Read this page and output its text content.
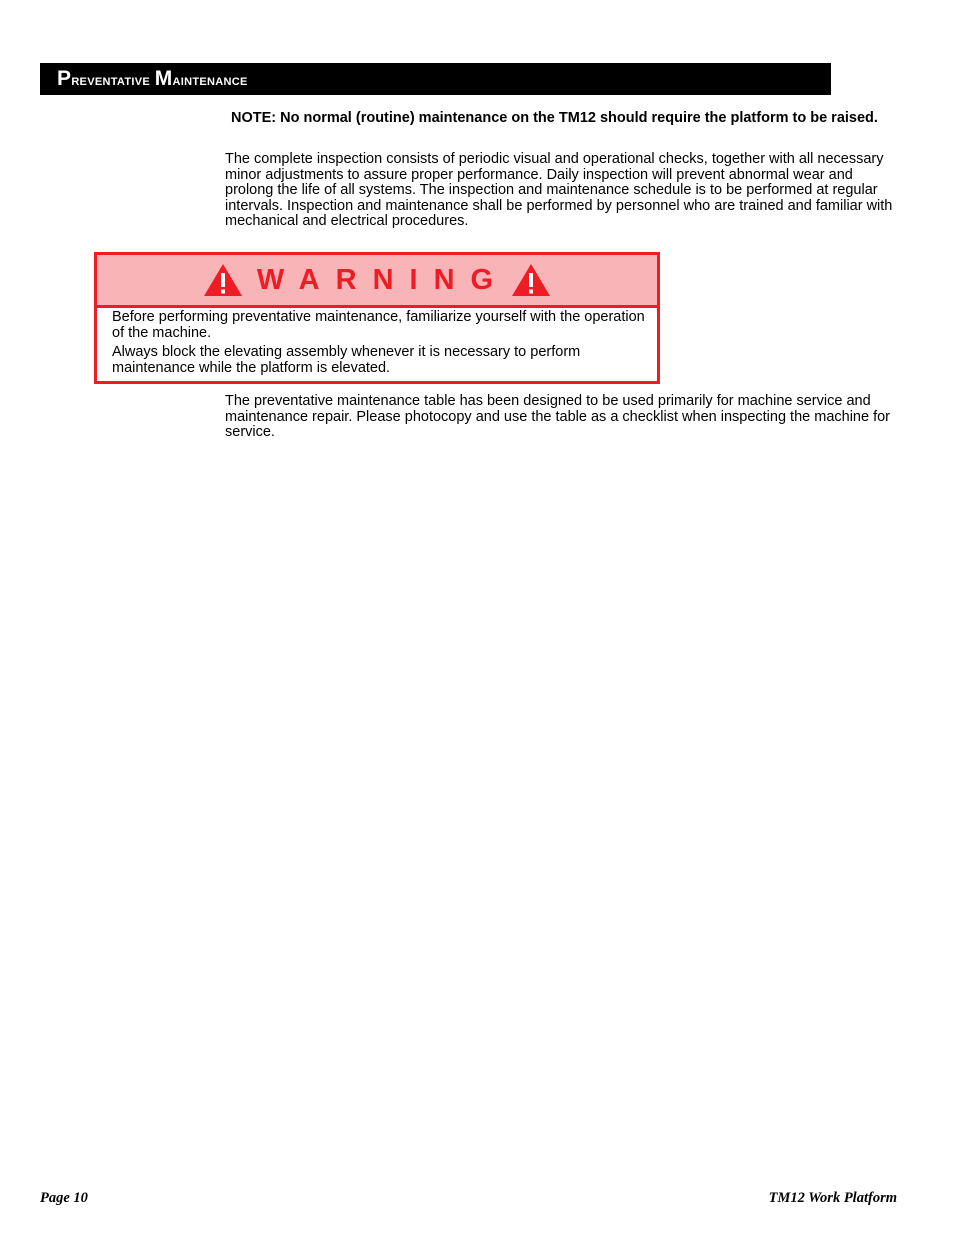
Preventative Maintenance
NOTE: No normal (routine) maintenance on the TM12 should require the platform to be raised.
The complete inspection consists of periodic visual and operational checks, together with all necessary minor adjustments to assure proper performance. Daily inspection will prevent abnormal wear and prolong the life of all systems. The inspection and maintenance schedule is to be performed at regular intervals. Inspection and maintenance shall be performed by personnel who are trained and familiar with mechanical and electrical procedures.
WARNING

Before performing preventative maintenance, familiarize yourself with the operation of the machine.

Always block the elevating assembly whenever it is necessary to perform maintenance while the platform is elevated.

The preventative maintenance table has been designed to be used primarily for machine service and maintenance repair. Please photocopy and use the table as a checklist when inspecting the machine for service.
Page 10	TM12 Work Platform
